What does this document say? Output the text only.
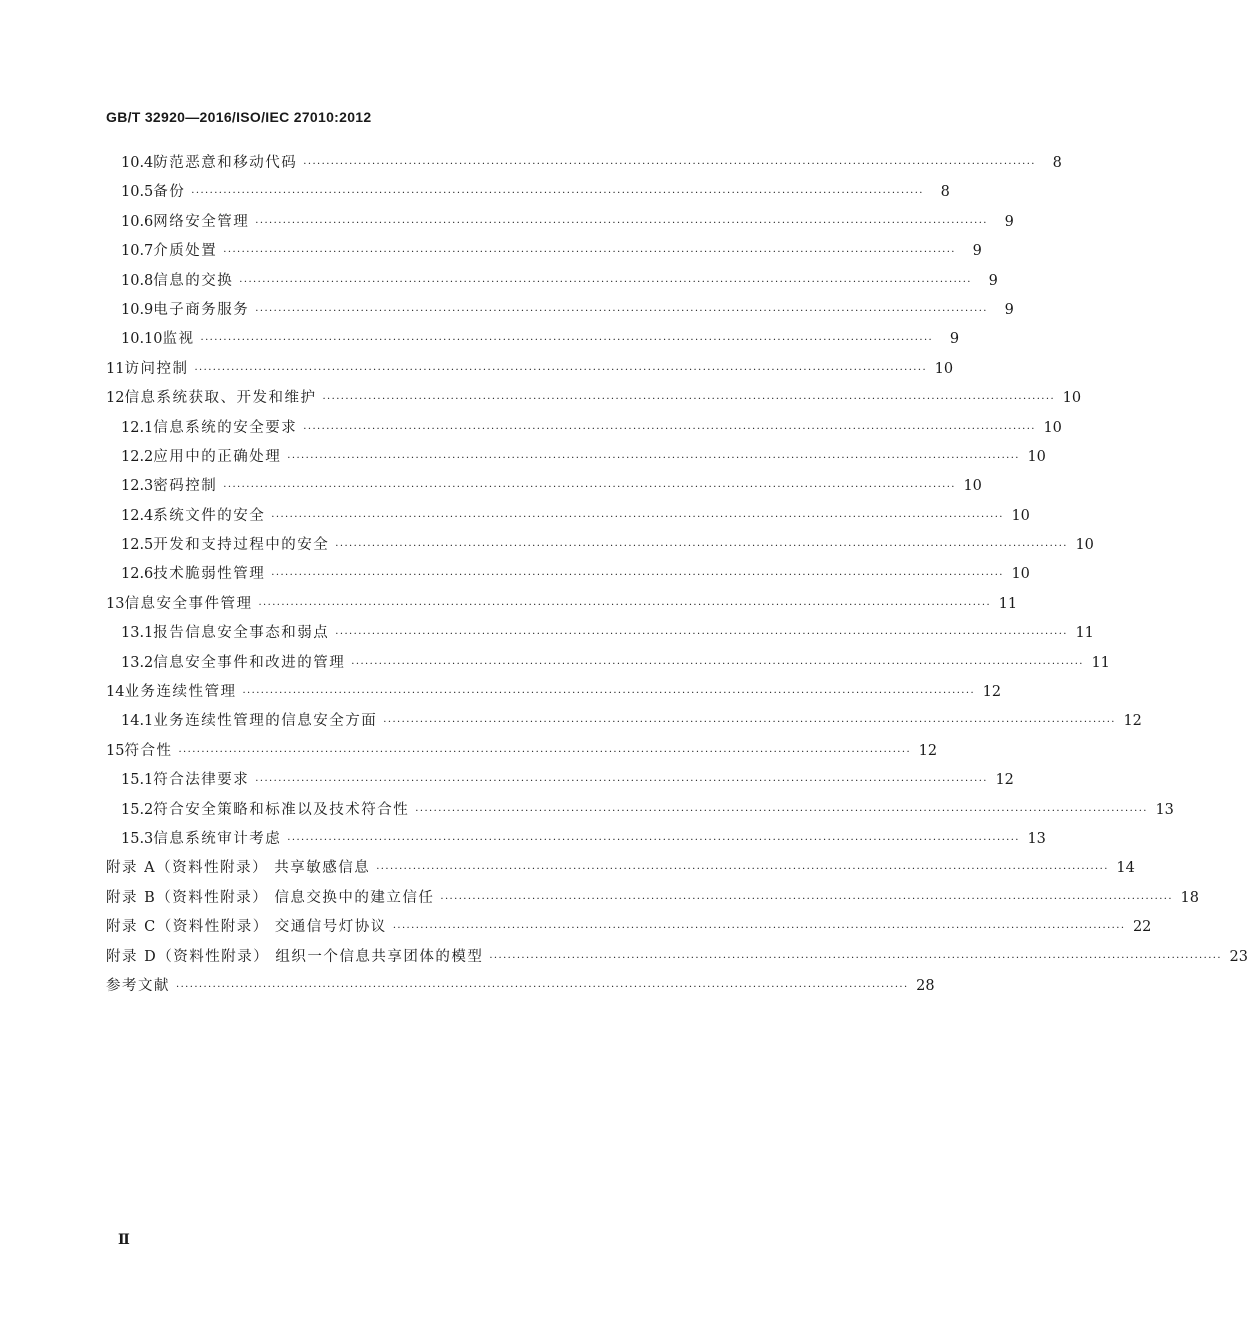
GB/T 32920—2016/ISO/IEC 27010:2012
10.4 防范恶意和移动代码 ································································································································································	8
10.5 备份 ································································································································································	8
10.6 网络安全管理 ································································································································································	9
10.7 介质处置 ································································································································································	9
10.8 信息的交换 ································································································································································	9
10.9 电子商务服务 ································································································································································	9
10.10 监视 ································································································································································	9
11 访问控制 ································································································································································ 10
12 信息系统获取、开发和维护 ································································································································································ 10
12.1 信息系统的安全要求 ································································································································································ 10
12.2 应用中的正确处理 ································································································································································ 10
12.3 密码控制 ································································································································································ 10
12.4 系统文件的安全 ································································································································································ 10
12.5 开发和支持过程中的安全 ································································································································································ 10
12.6 技术脆弱性管理 ································································································································································ 10
13 信息安全事件管理 ································································································································································ 11
13.1 报告信息安全事态和弱点 ································································································································································ 11
13.2 信息安全事件和改进的管理 ································································································································································ 11
14 业务连续性管理 ································································································································································ 12
14.1 业务连续性管理的信息安全方面 ································································································································································ 12
15 符合性 ································································································································································ 12
15.1 符合法律要求 ································································································································································ 12
15.2 符合安全策略和标准以及技术符合性 ································································································································································ 13
15.3 信息系统审计考虑 ································································································································································ 13
附录 A（资料性附录） 共享敏感信息 ································································································································································ 14
附录 B（资料性附录） 信息交换中的建立信任 ································································································································································ 18
附录 C（资料性附录） 交通信号灯协议 ································································································································································ 22
附录 D（资料性附录） 组织一个信息共享团体的模型 ································································································································································ 23
参考文献 ································································································································································ 28
Ⅱ
